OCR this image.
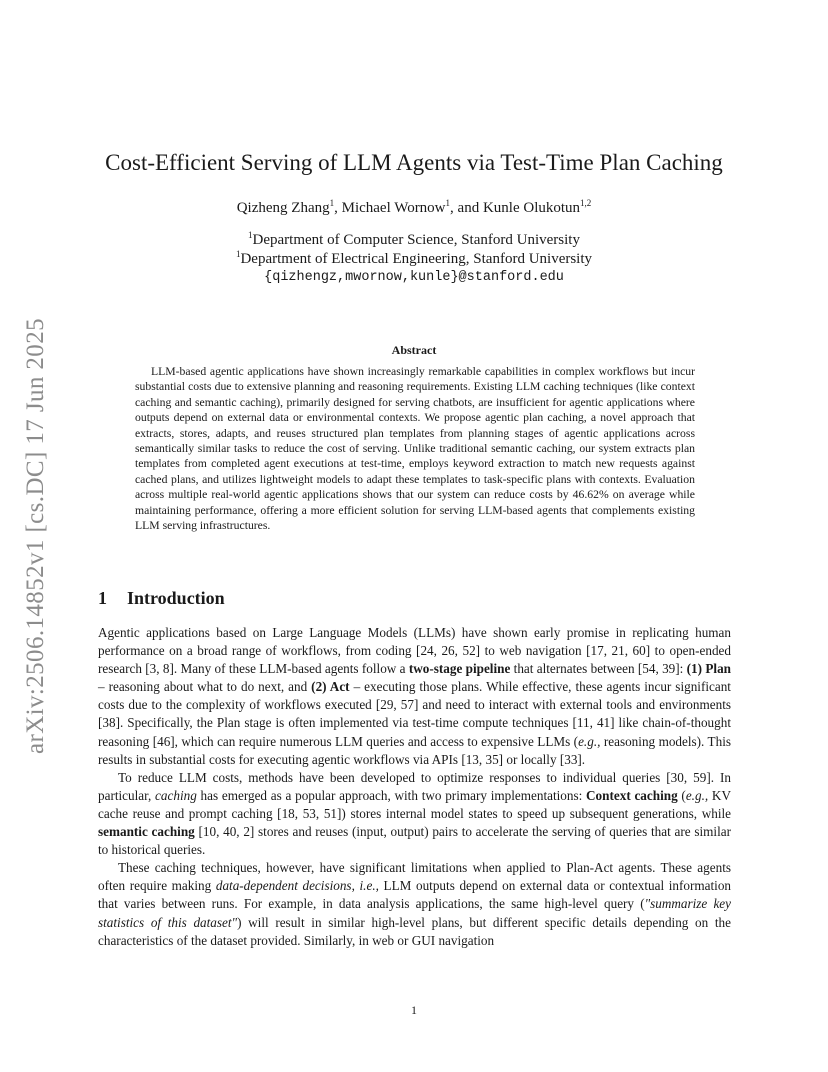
arXiv:2506.14852v1 [cs.DC] 17 Jun 2025
Cost-Efficient Serving of LLM Agents via Test-Time Plan Caching
Qizheng Zhang$^1$, Michael Wornow$^1$, and Kunle Olukotun$^{1,2}$
$^1$Department of Computer Science, Stanford University
$^1$Department of Electrical Engineering, Stanford University
{qizhengz,mwornow,kunle}@stanford.edu
Abstract

LLM-based agentic applications have shown increasingly remarkable capabilities in complex workflows but incur substantial costs due to extensive planning and reasoning requirements. Existing LLM caching techniques (like context caching and semantic caching), primarily designed for serving chatbots, are insufficient for agentic applications where outputs depend on external data or environmental contexts. We propose agentic plan caching, a novel approach that extracts, stores, adapts, and reuses structured plan templates from planning stages of agentic applications across semantically similar tasks to reduce the cost of serving. Unlike traditional semantic caching, our system extracts plan templates from completed agent executions at test-time, employs keyword extraction to match new requests against cached plans, and utilizes lightweight models to adapt these templates to task-specific plans with contexts. Evaluation across multiple real-world agentic applications shows that our system can reduce costs by 46.62% on average while maintaining performance, offering a more efficient solution for serving LLM-based agents that complements existing LLM serving infrastructures.

1 Introduction

Agentic applications based on Large Language Models (LLMs) have shown early promise in replicating human performance on a broad range of workflows, from coding [24, 26, 52] to web navigation [17, 21, 60] to open-ended research [3, 8]. Many of these LLM-based agents follow a two-stage pipeline that alternates between [54, 39]: (1) Plan – reasoning about what to do next, and (2) Act – executing those plans. While effective, these agents incur significant costs due to the complexity of workflows executed [29, 57] and need to interact with external tools and environments [38]. Specifically, the Plan stage is often implemented via test-time compute techniques [11, 41] like chain-of-thought reasoning [46], which can require numerous LLM queries and access to expensive LLMs (e.g., reasoning models). This results in substantial costs for executing agentic workflows via APIs [13, 35] or locally [33].

To reduce LLM costs, methods have been developed to optimize responses to individual queries [30, 59]. In particular, caching has emerged as a popular approach, with two primary implementations: Context caching (e.g., KV cache reuse and prompt caching [18, 53, 51]) stores internal model states to speed up subsequent generations, while semantic caching [10, 40, 2] stores and reuses (input, output) pairs to accelerate the serving of queries that are similar to historical queries.

These caching techniques, however, have significant limitations when applied to Plan-Act agents. These agents often require making data-dependent decisions, i.e., LLM outputs depend on external data or contextual information that varies between runs. For example, in data analysis applications, the same high-level query ("summarize key statistics of this dataset") will result in similar high-level plans, but different specific details depending on the characteristics of the dataset provided. Similarly, in web or GUI navigation

1
